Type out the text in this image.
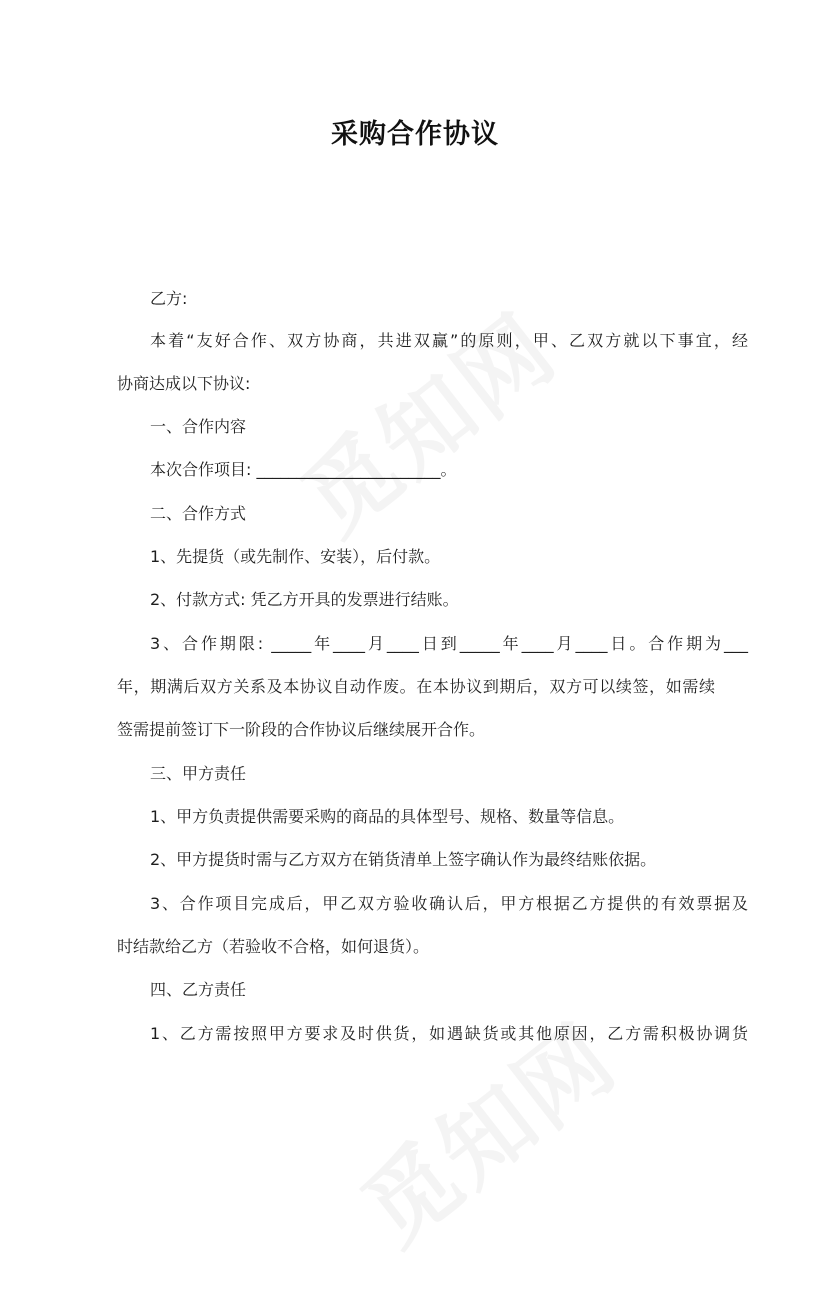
采购合作协议
乙方:
本着“友好合作、双方协商，共进双赢”的原则，甲、乙双方就以下事宜，经
协商达成以下协议:
一、合作内容
本次合作项目: _______________________。
二、合作方式
1、先提货（或先制作、安装），后付款。
2、付款方式: 凭乙方开具的发票进行结账。
3、合作期限: _____年____月____日到_____年____月____日。合作期为___
年，期满后双方关系及本协议自动作废。在本协议到期后，双方可以续签，如需续
签需提前签订下一阶段的合作协议后继续展开合作。
三、甲方责任
1、甲方负责提供需要采购的商品的具体型号、规格、数量等信息。
2、甲方提货时需与乙方双方在销货清单上签字确认作为最终结账依据。
3、合作项目完成后，甲乙双方验收确认后，甲方根据乙方提供的有效票据及
时结款给乙方（若验收不合格，如何退货）。
四、乙方责任
1、乙方需按照甲方要求及时供货，如遇缺货或其他原因，乙方需积极协调货
